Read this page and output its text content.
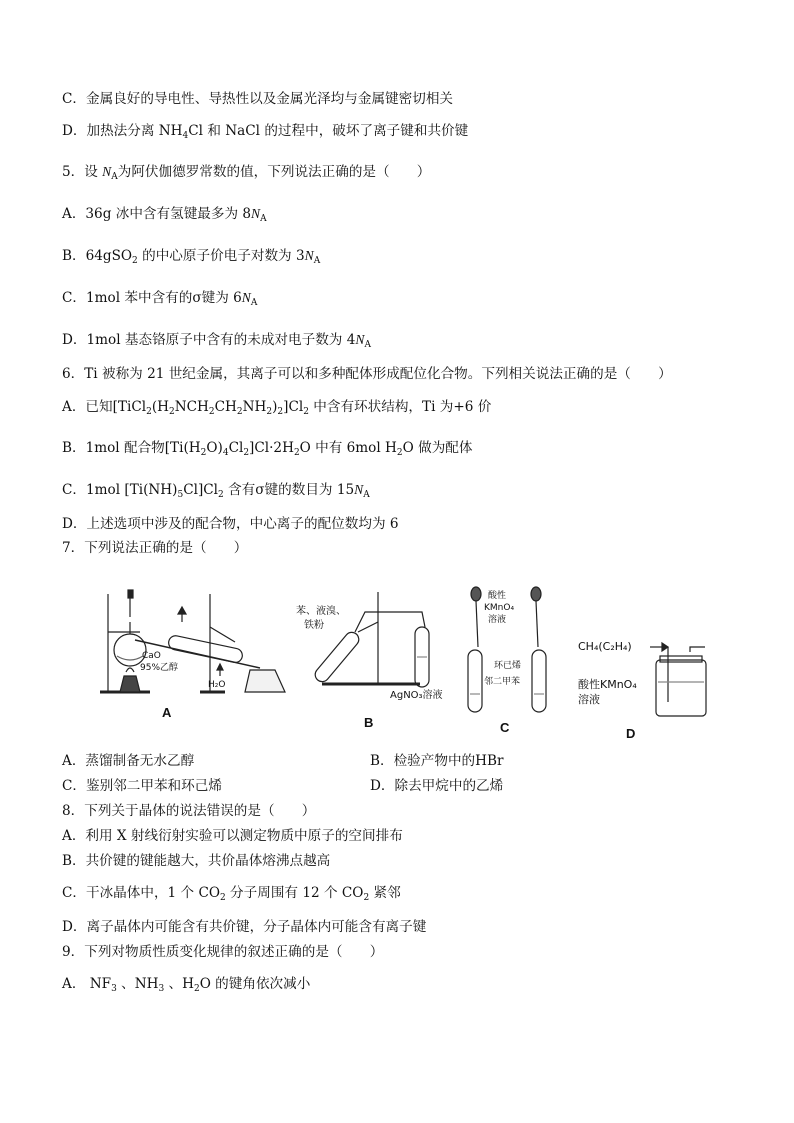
C．金属良好的导电性、导热性以及金属光泽均与金属键密切相关
D．加热法分离 $NH_4Cl$ 和 NaCl 的过程中，破坏了离子键和共价键
5．设 $N_A$为阿伏伽德罗常数的值，下列说法正确的是（　　）
A．36g 冰中含有氢键最多为 $8N_A$
B．64gSO$_2$ 的中心原子价电子对数为 $3N_A$
C．1mol 苯中含有的σ键为 $6N_A$
D．1mol 基态铬原子中含有的未成对电子数为 $4N_A$
6．Ti 被称为 21 世纪金属，其离子可以和多种配体形成配位化合物。下列相关说法正确的是（　　）
A．已知$[TiCl_2(H_2NCH_2CH_2NH_2)_2]Cl_2$ 中含有环状结构，Ti 为+6 价
B．1mol 配合物$[Ti(H_2O)_4Cl_2]Cl\cdot 2H_2O$ 中有 6mol $H_2O$ 做为配体
C．1mol $[Ti(NH)_5Cl]Cl_2$ 含有σ键的数目为 $15N_A$
D．上述选项中涉及的配合物，中心离子的配位数均为 6
7．下列说法正确的是（　　）
CaO
95%乙醇
H₂O
A
苯、液溴、
铁粉
AgNO₃溶液
B
酸性
KMnO₄
溶液
环已烯
邻二甲苯
C
CH₄(C₂H₄)
酸性KMnO₄
溶液
D
A．蒸馏制备无水乙醇	B．检验产物中的HBr
C．鉴别邻二甲苯和环己烯	D．除去甲烷中的乙烯
8．下列关于晶体的说法错误的是（　　）
A．利用 X 射线衍射实验可以测定物质中原子的空间排布
B．共价键的键能越大，共价晶体熔沸点越高
C．干冰晶体中，1 个 $CO_2$ 分子周围有 12 个 $CO_2$ 紧邻
D．离子晶体内可能含有共价键，分子晶体内可能含有离子键
9．下列对物质性质变化规律的叙述正确的是（　　）
A． $NF_3$ 、$NH_3$ 、$H_2O$ 的键角依次减小
